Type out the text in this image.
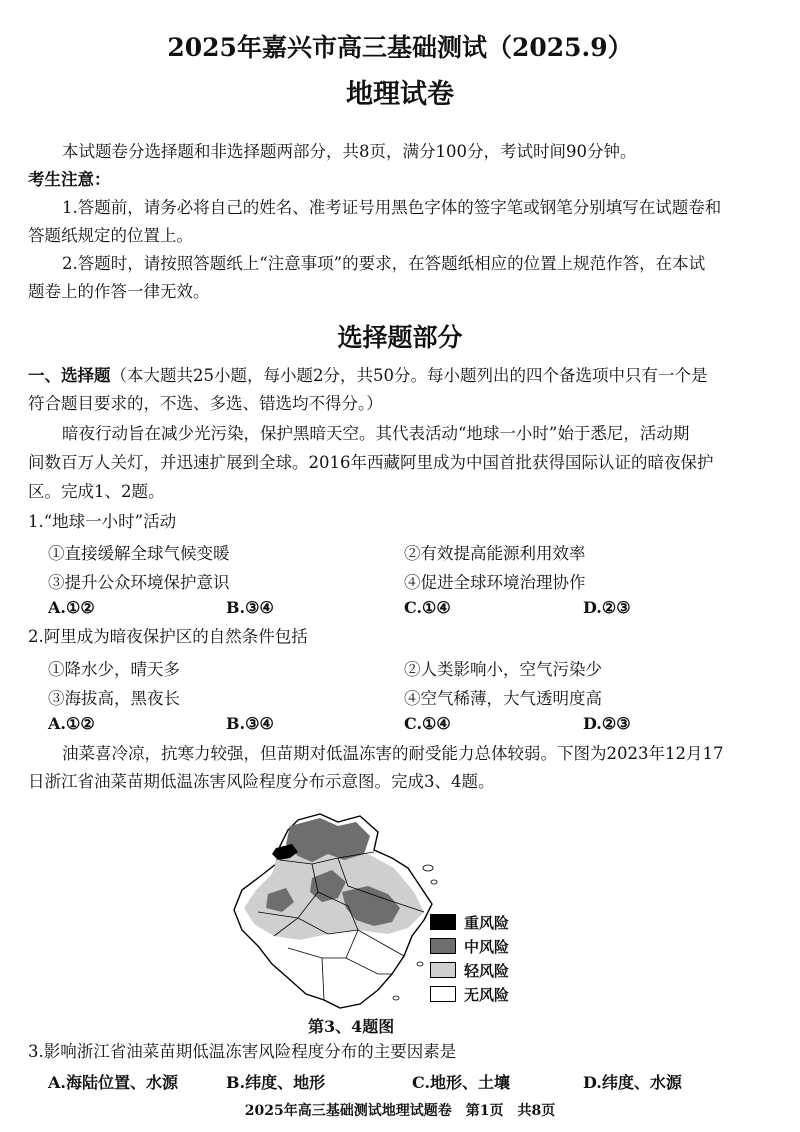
2025年嘉兴市高三基础测试（2025.9）
地理试卷
本试题卷分选择题和非选择题两部分，共8页，满分100分，考试时间90分钟。
考生注意：
1.答题前，请务必将自己的姓名、准考证号用黑色字体的签字笔或钢笔分别填写在试题卷和
答题纸规定的位置上。
2.答题时，请按照答题纸上“注意事项”的要求，在答题纸相应的位置上规范作答，在本试
题卷上的作答一律无效。
选择题部分
一、选择题（本大题共25小题，每小题2分，共50分。每小题列出的四个备选项中只有一个是
符合题目要求的，不选、多选、错选均不得分。）
暗夜行动旨在减少光污染，保护黑暗天空。其代表活动“地球一小时”始于悉尼，活动期
间数百万人关灯，并迅速扩展到全球。2016年西藏阿里成为中国首批获得国际认证的暗夜保护
区。完成1、2题。
1.“地球一小时”活动
①直接缓解全球气候变暖	②有效提高能源利用效率
③提升公众环境保护意识	④促进全球环境治理协作
A.①②	B.③④	C.①④	D.②③
2.阿里成为暗夜保护区的自然条件包括
①降水少，晴天多	②人类影响小，空气污染少
③海拔高，黑夜长	④空气稀薄，大气透明度高
A.①②	B.③④	C.①④	D.②③
油菜喜冷凉，抗寒力较强，但苗期对低温冻害的耐受能力总体较弱。下图为2023年12月17
日浙江省油菜苗期低温冻害风险程度分布示意图。完成3、4题。
重风险
中风险
轻风险
无风险
第3、4题图
3.影响浙江省油菜苗期低温冻害风险程度分布的主要因素是
A.海陆位置、水源	B.纬度、地形	C.地形、土壤	D.纬度、水源
2025年高三基础测试地理试题卷　第1页　共8页
